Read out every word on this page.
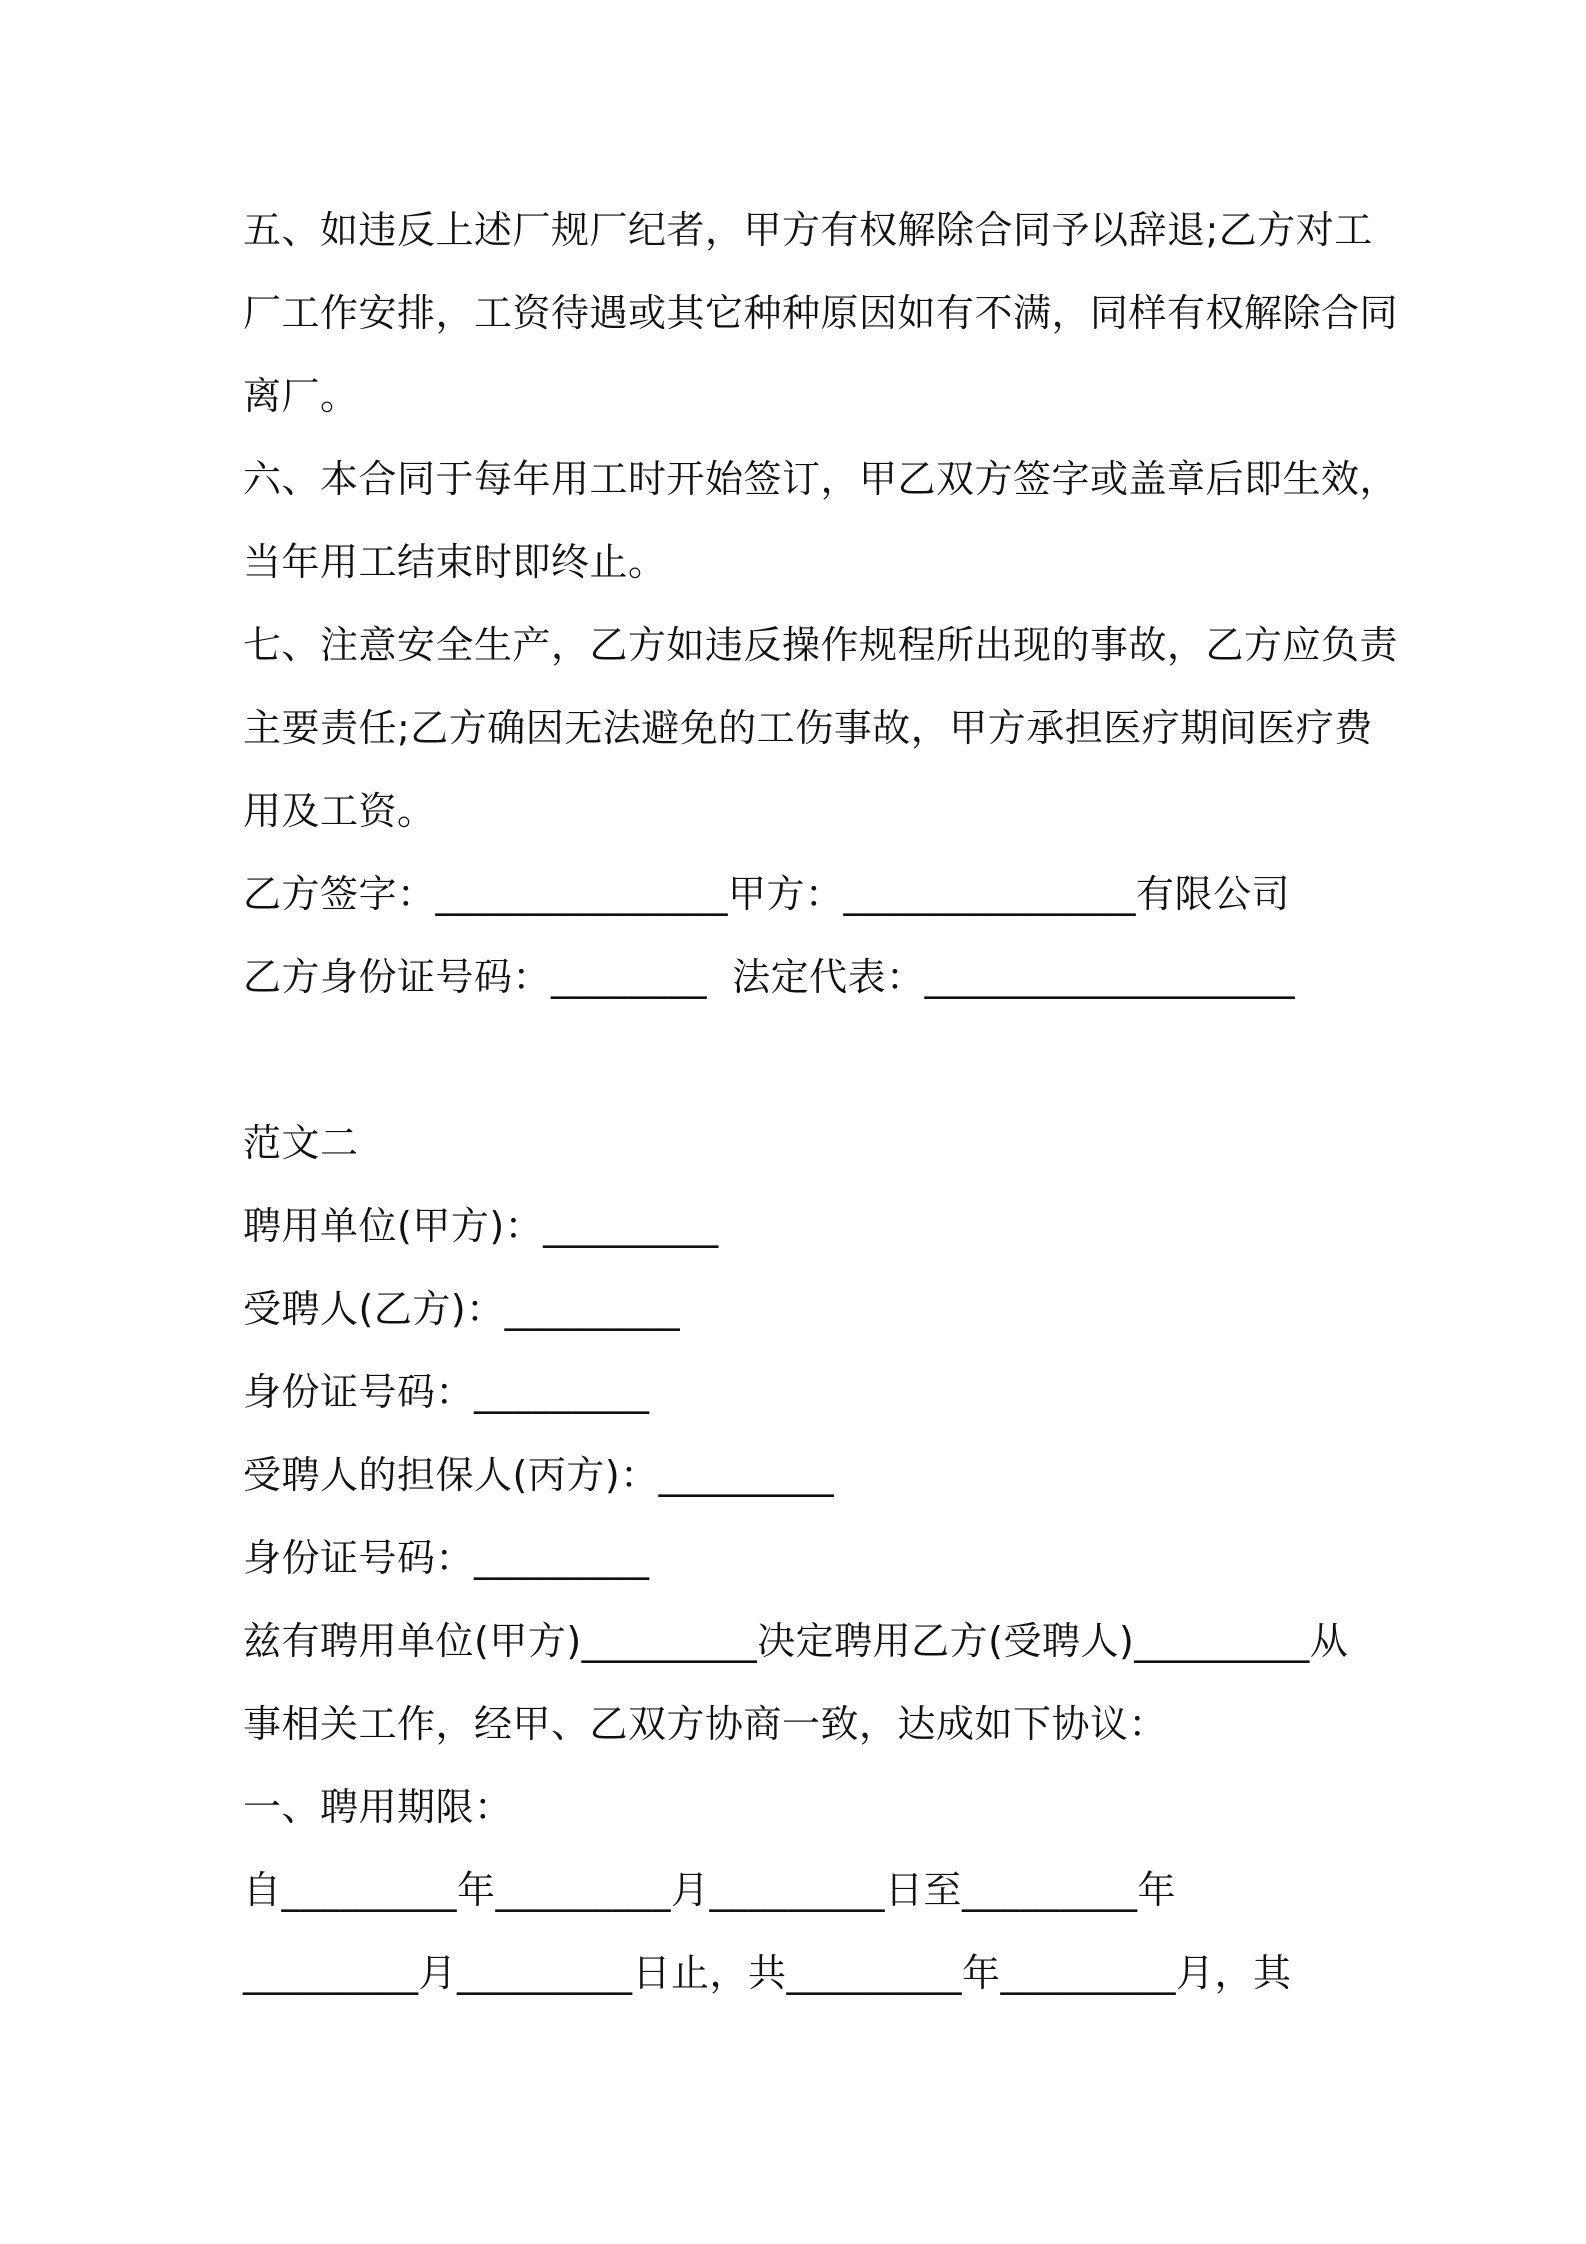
五、如违反上述厂规厂纪者，甲方有权解除合同予以辞退;乙方对工
厂工作安排，工资待遇或其它种种原因如有不满，同样有权解除合同
离厂。
六、本合同于每年用工时开始签订，甲乙双方签字或盖章后即生效，
当年用工结束时即终止。
七、注意安全生产，乙方如违反操作规程所出现的事故，乙方应负责
主要责任;乙方确因无法避免的工伤事故，甲方承担医疗期间医疗费
用及工资。
乙方签字：_______________甲方：_______________有限公司
乙方身份证号码：________  法定代表：___________________
范文二
聘用单位(甲方)：_________
受聘人(乙方)：_________
身份证号码：_________
受聘人的担保人(丙方)：_________
身份证号码：_________
兹有聘用单位(甲方)_________决定聘用乙方(受聘人)_________从
事相关工作，经甲、乙双方协商一致，达成如下协议：
一、聘用期限：
自_________年_________月_________日至_________年
_________月_________日止，共_________年_________月，其
